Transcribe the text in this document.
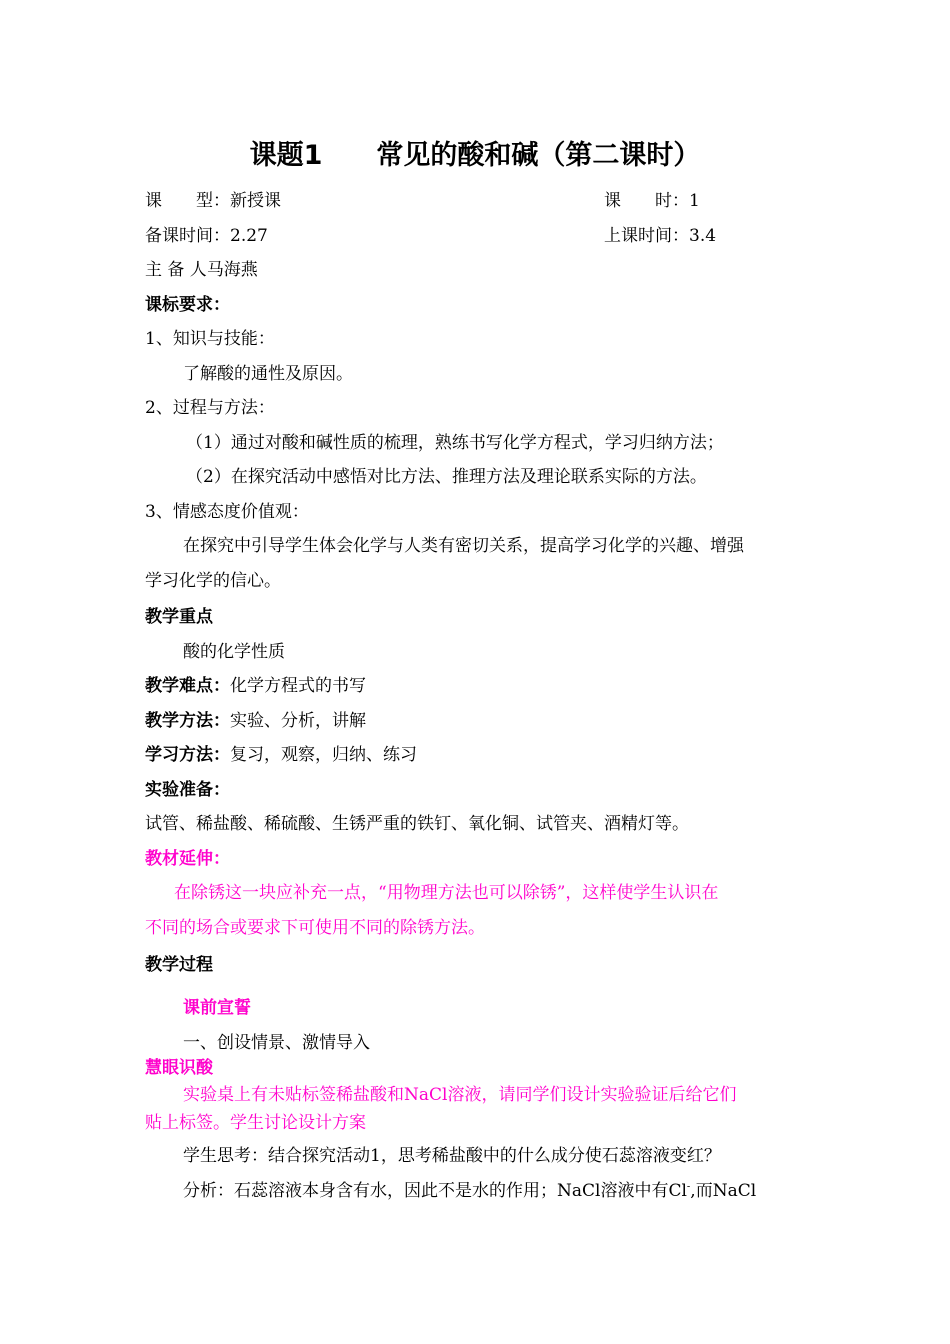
课题1　　常见的酸和碱（第二课时）
课　　型：新授课	课　　时：1
备课时间：2.27	上课时间：3.4
主 备 人马海燕
课标要求：
1、知识与技能：
了解酸的通性及原因。
2、过程与方法：
（1）通过对酸和碱性质的梳理，熟练书写化学方程式，学习归纳方法；
（2）在探究活动中感悟对比方法、推理方法及理论联系实际的方法。
3、情感态度价值观：
在探究中引导学生体会化学与人类有密切关系，提高学习化学的兴趣、增强
学习化学的信心。
教学重点
酸的化学性质
教学难点：化学方程式的书写
教学方法：实验、分析，讲解
学习方法：复习，观察，归纳、练习
实验准备：
试管、稀盐酸、稀硫酸、生锈严重的铁钉、氧化铜、试管夹、酒精灯等。
教材延伸：
在除锈这一块应补充一点，“用物理方法也可以除锈”，这样使学生认识在
不同的场合或要求下可使用不同的除锈方法。
教学过程
课前宣誓
一、创设情景、激情导入
慧眼识酸
实验桌上有未贴标签稀盐酸和NaCl溶液，请同学们设计实验验证后给它们
贴上标签。学生讨论设计方案
学生思考：结合探究活动1，思考稀盐酸中的什么成分使石蕊溶液变红？
分析：石蕊溶液本身含有水，因此不是水的作用；NaCl溶液中有Cl-,而NaCl
